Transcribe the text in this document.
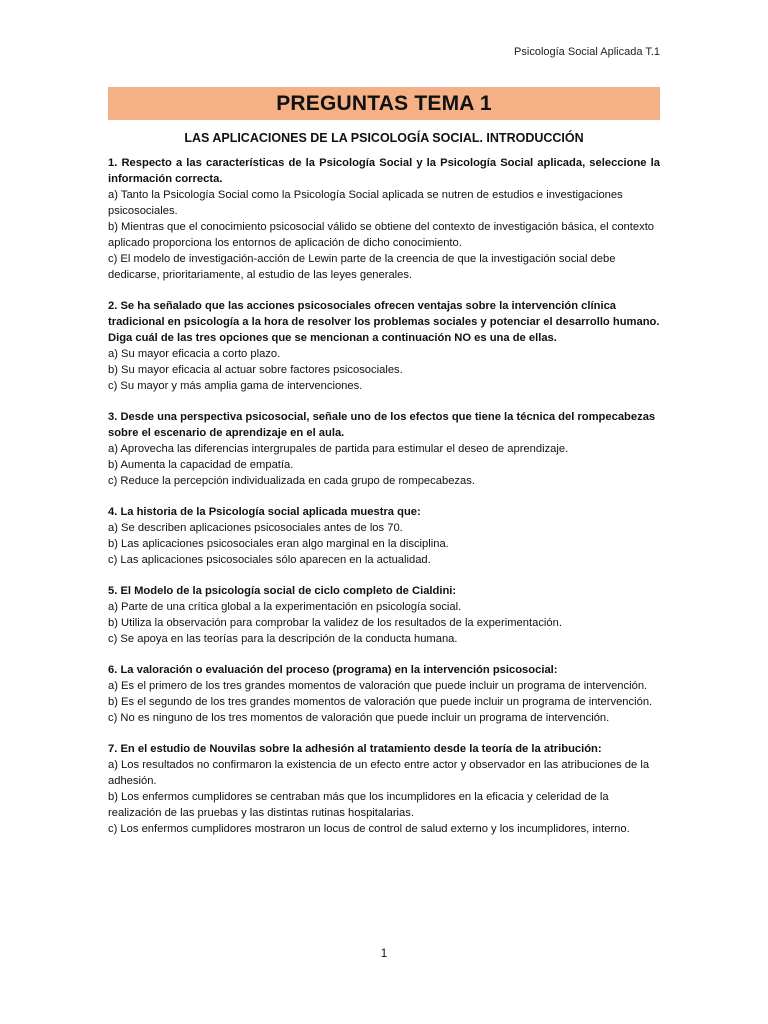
Psicología Social Aplicada T.1
PREGUNTAS TEMA 1
LAS APLICACIONES DE LA PSICOLOGÍA SOCIAL. INTRODUCCIÓN

1. Respecto a las características de la Psicología Social y la Psicología Social aplicada, seleccione la información correcta.

a) Tanto la Psicología Social como la Psicología Social aplicada se nutren de estudios e investigaciones psicosociales.

b) Mientras que el conocimiento psicosocial válido se obtiene del contexto de investigación básica, el contexto aplicado proporciona los entornos de aplicación de dicho conocimiento.

c) El modelo de investigación-acción de Lewin parte de la creencia de que la investigación social debe dedicarse, prioritariamente, al estudio de las leyes generales.

2. Se ha señalado que las acciones psicosociales ofrecen ventajas sobre la intervención clínica tradicional en psicología a la hora de resolver los problemas sociales y potenciar el desarrollo humano. Diga cuál de las tres opciones que se mencionan a continuación NO es una de ellas.

a) Su mayor eficacia a corto plazo.

b) Su mayor eficacia al actuar sobre factores psicosociales.

c) Su mayor y más amplia gama de intervenciones.

3. Desde una perspectiva psicosocial, señale uno de los efectos que tiene la técnica del rompecabezas sobre el escenario de aprendizaje en el aula.

a) Aprovecha las diferencias intergrupales de partida para estimular el deseo de aprendizaje.

b) Aumenta la capacidad de empatía.

c) Reduce la percepción individualizada en cada grupo de rompecabezas.

4. La historia de la Psicología social aplicada muestra que:

a) Se describen aplicaciones psicosociales antes de los 70.

b) Las aplicaciones psicosociales eran algo marginal en la disciplina.

c) Las aplicaciones psicosociales sólo aparecen en la actualidad.

5. El Modelo de la psicología social de ciclo completo de Cialdini:

a) Parte de una crítica global a la experimentación en psicología social.

b) Utiliza la observación para comprobar la validez de los resultados de la experimentación.

c) Se apoya en las teorías para la descripción de la conducta humana.

6. La valoración o evaluación del proceso (programa) en la intervención psicosocial:

a) Es el primero de los tres grandes momentos de valoración que puede incluir un programa de intervención.

b) Es el segundo de los tres grandes momentos de valoración que puede incluir un programa de intervención.

c) No es ninguno de los tres momentos de valoración que puede incluir un programa de intervención.

7. En el estudio de Nouvilas sobre la adhesión al tratamiento desde la teoría de la atribución:

a) Los resultados no confirmaron la existencia de un efecto entre actor y observador en las atribuciones de la adhesión.

b) Los enfermos cumplidores se centraban más que los incumplidores en la eficacia y celeridad de la realización de las pruebas y las distintas rutinas hospitalarias.

c) Los enfermos cumplidores mostraron un locus de control de salud externo y los incumplidores, interno.

1
